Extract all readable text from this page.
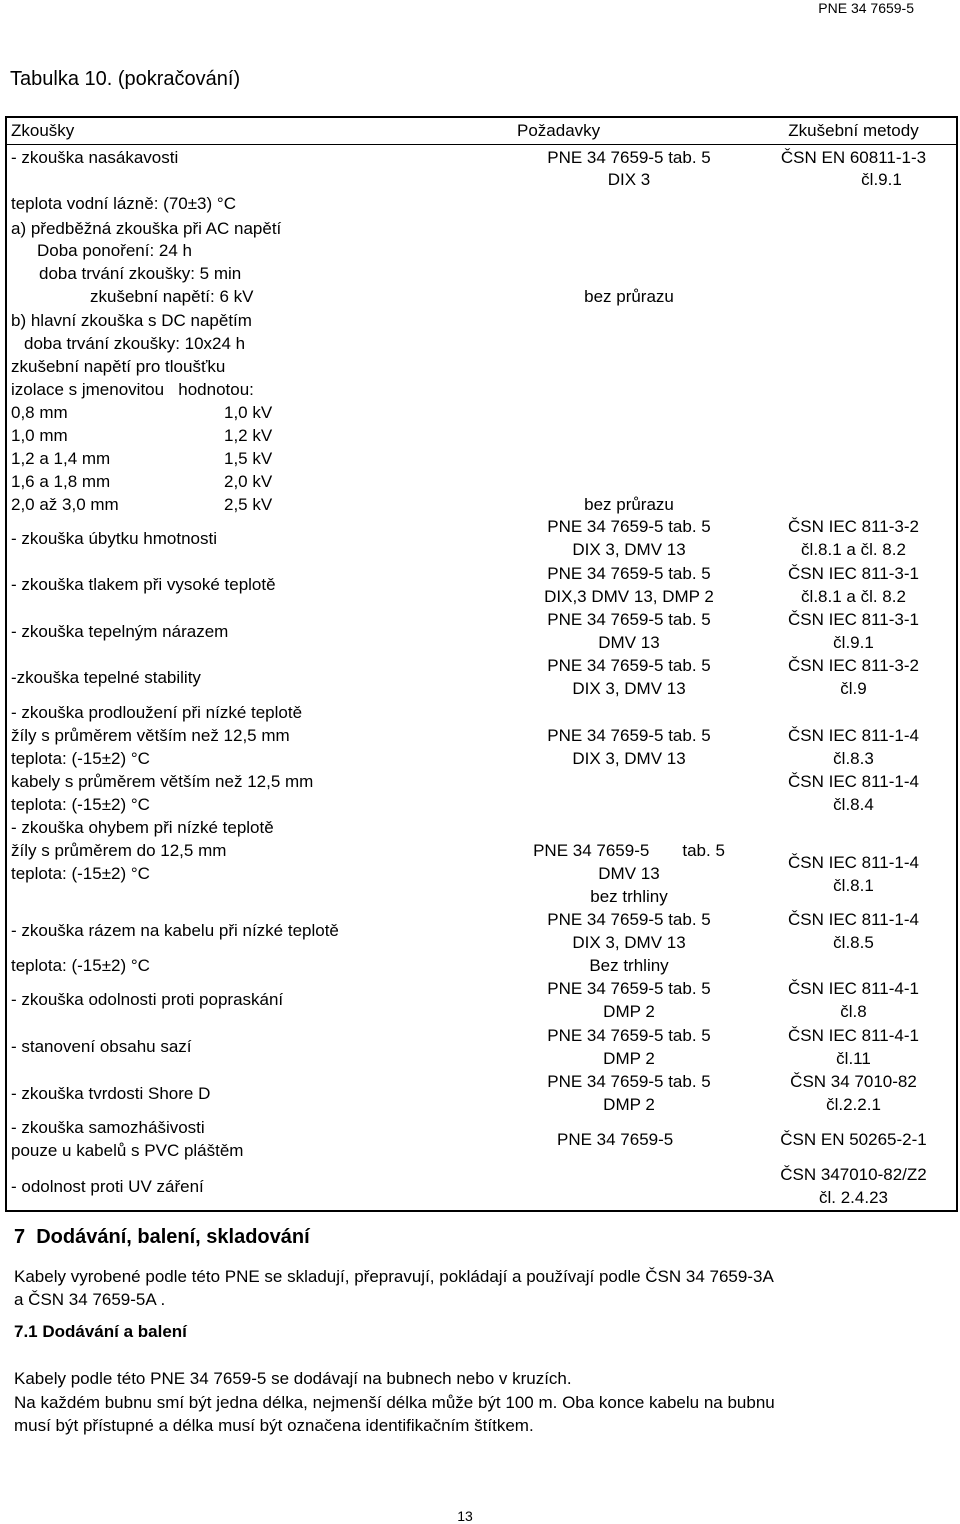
PNE 34 7659-5
Tabulka 10. (pokračování)
Zkoušky	Požadavky	Zkušební metody
- zkouška nasákavosti
teplota vodní lázně: (70±3) °C
a) předběžná zkouška při AC napětí
Doba ponoření: 24 h
doba trvání zkoušky: 5 min
zkušební napětí: 6 kV
b) hlavní zkouška s DC napětím
doba trvání zkoušky: 10x24 h
zkušební napětí pro tloušťku
izolace s jmenovitou   hodnotou:
0,8 mm
1,0 mm
1,2 a 1,4 mm
1,6 a 1,8 mm
2,0 až 3,0 mm
1,0 kV
1,2 kV
1,5 kV
2,0 kV
2,5 kV
- zkouška úbytku hmotnosti
- zkouška tlakem při vysoké teplotě
- zkouška tepelným nárazem
-zkouška tepelné stability
- zkouška prodloužení při nízké teplotě
žíly s průměrem větším než 12,5 mm
teplota: (-15±2) °C
kabely s průměrem větším než 12,5 mm
teplota: (-15±2) °C
- zkouška ohybem při nízké teplotě
žíly s průměrem do 12,5 mm
teplota: (-15±2) °C
- zkouška rázem na kabelu při nízké teplotě
teplota: (-15±2) °C
- zkouška odolnosti proti popraskání
- stanovení obsahu sazí
- zkouška tvrdosti Shore D
- zkouška samozhášivosti
pouze u kabelů s PVC pláštěm
- odolnost proti UV záření
PNE 34 7659-5 tab. 5
DIX 3
bez průrazu
bez průrazu
PNE 34 7659-5 tab. 5
DIX 3, DMV 13
PNE 34 7659-5 tab. 5
DIX,3 DMV 13, DMP 2
PNE 34 7659-5 tab. 5
DMV 13
PNE 34 7659-5 tab. 5
DIX 3, DMV 13
PNE 34 7659-5 tab. 5
DIX 3, DMV 13
PNE 34 7659-5       tab. 5
DMV 13
bez trhliny
PNE 34 7659-5 tab. 5
DIX 3, DMV 13
Bez trhliny
PNE 34 7659-5 tab. 5
DMP 2
PNE 34 7659-5 tab. 5
DMP 2
PNE 34 7659-5 tab. 5
DMP 2
PNE 34 7659-5
ČSN EN 60811-1-3
čl.9.1
ČSN IEC 811-3-2
čl.8.1 a čl. 8.2
ČSN IEC 811-3-1
čl.8.1 a čl. 8.2
ČSN IEC 811-3-1
čl.9.1
ČSN IEC 811-3-2
čl.9
ČSN IEC 811-1-4
čl.8.3
ČSN IEC 811-1-4
čl.8.4
ČSN IEC 811-1-4
čl.8.1
ČSN IEC 811-1-4
čl.8.5
ČSN IEC 811-4-1
čl.8
ČSN IEC 811-4-1
čl.11
ČSN 34 7010-82
čl.2.2.1
ČSN EN 50265-2-1
ČSN 347010-82/Z2
čl. 2.4.23
7  Dodávání, balení, skladování
Kabely vyrobené podle této PNE se skladují, přepravují, pokládají a používají podle ČSN 34 7659-3A
a ČSN 34 7659-5A .
7.1 Dodávání a balení
Kabely podle této PNE 34 7659-5 se dodávají na bubnech nebo v kruzích.
Na každém bubnu smí být jedna délka, nejmenší délka může být 100 m. Oba konce kabelu na bubnu
musí být přístupné a délka musí být označena identifikačním štítkem.
13
